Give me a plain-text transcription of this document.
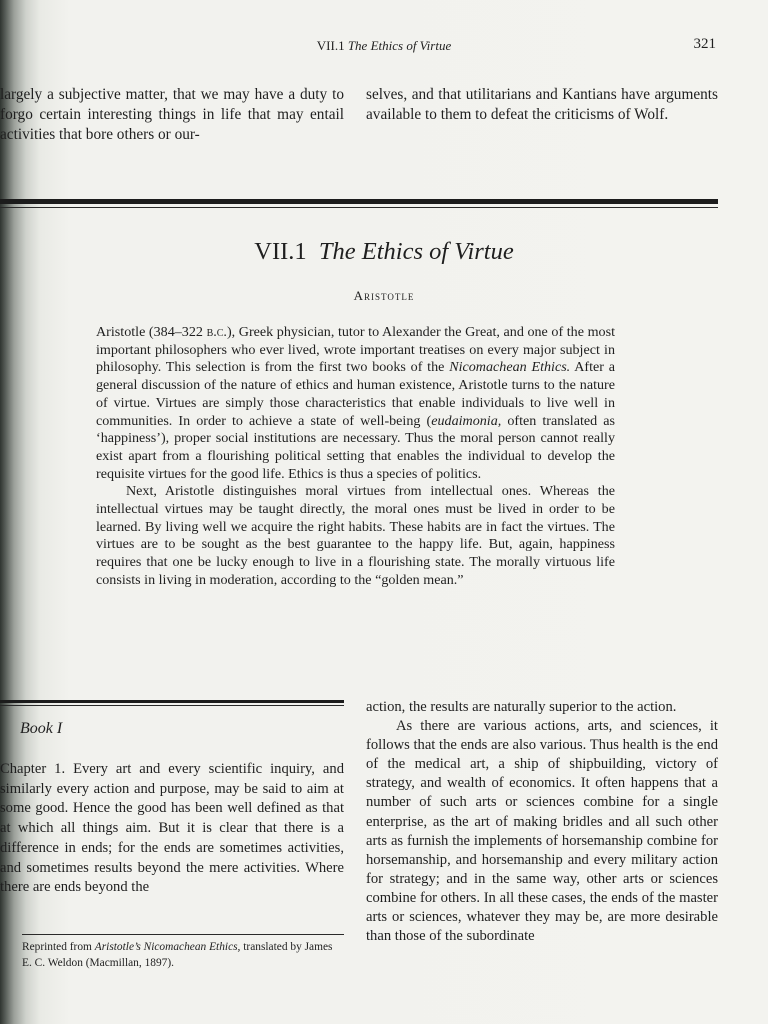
VII.1 The Ethics of Virtue	321
largely a subjective matter, that we may have a duty to forgo certain interesting things in life that may entail activities that bore others or our-
selves, and that utilitarians and Kantians have arguments available to them to defeat the criticisms of Wolf.
VII.1 The Ethics of Virtue
Aristotle

Aristotle (384–322 b.c.), Greek physician, tutor to Alexander the Great, and one of the most important philosophers who ever lived, wrote important treatises on every major subject in philosophy. This selection is from the first two books of the Nicomachean Ethics. After a general discussion of the nature of ethics and human existence, Aristotle turns to the nature of virtue. Virtues are simply those characteristics that enable individuals to live well in communities. In order to achieve a state of well-being (eudaimonia, often translated as ‘happiness’), proper social institutions are necessary. Thus the moral person cannot really exist apart from a flourishing political setting that enables the individual to develop the requisite virtues for the good life. Ethics is thus a species of politics.

Next, Aristotle distinguishes moral virtues from intellectual ones. Whereas the intellectual virtues may be taught directly, the moral ones must be lived in order to be learned. By living well we acquire the right habits. These habits are in fact the virtues. The virtues are to be sought as the best guarantee to the happy life. But, again, happiness requires that one be lucky enough to live in a flourishing state. The morally virtuous life consists in living in moderation, according to the “golden mean.”

Book I
Chapter 1. Every art and every scientific inquiry, and similarly every action and purpose, may be said to aim at some good. Hence the good has been well defined as that at which all things aim. But it is clear that there is a difference in ends; for the ends are sometimes activities, and sometimes results beyond the mere activities. Where there are ends beyond the
Reprinted from Aristotle’s Nicomachean Ethics, translated by James E. C. Weldon (Macmillan, 1897).

action, the results are naturally superior to the action.

As there are various actions, arts, and sciences, it follows that the ends are also various. Thus health is the end of the medical art, a ship of shipbuilding, victory of strategy, and wealth of economics. It often happens that a number of such arts or sciences combine for a single enterprise, as the art of making bridles and all such other arts as furnish the implements of horsemanship combine for horsemanship, and horsemanship and every military action for strategy; and in the same way, other arts or sciences combine for others. In all these cases, the ends of the master arts or sciences, whatever they may be, are more desirable than those of the subordinate
